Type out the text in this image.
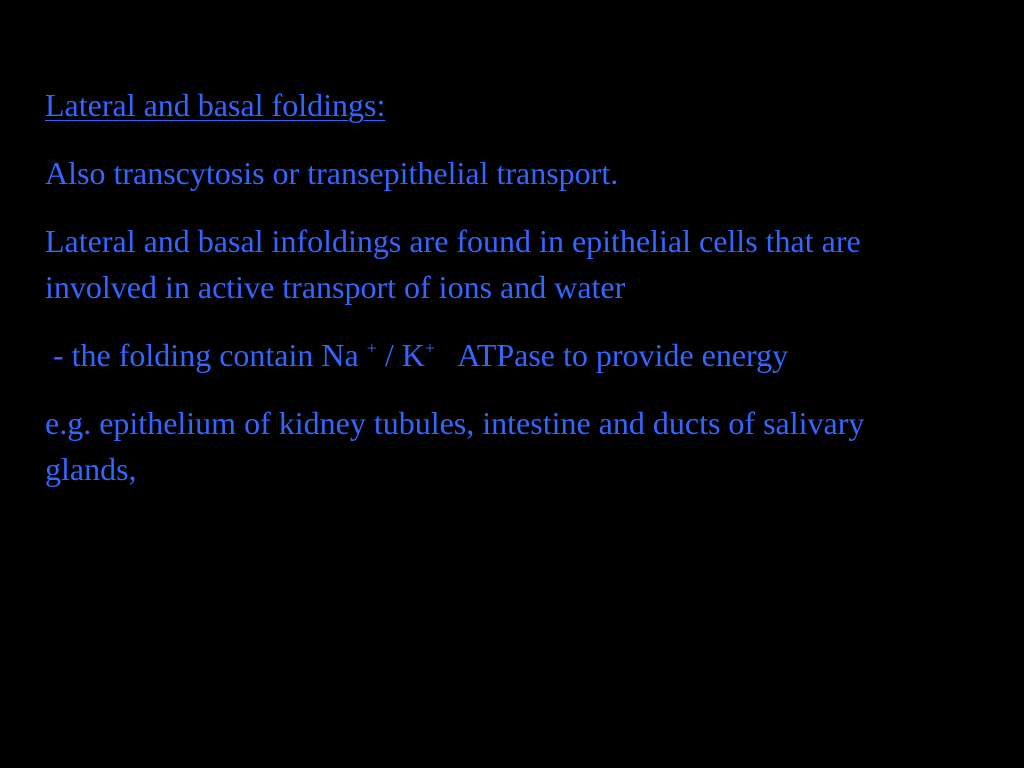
Lateral and basal foldings:

Also transcytosis or transepithelial transport.

Lateral and basal infoldings are found in epithelial cells that are involved in active transport of ions and water

- the folding contain Na + / K+   ATPase to provide energy

e.g. epithelium of kidney tubules, intestine and ducts of salivary glands,
